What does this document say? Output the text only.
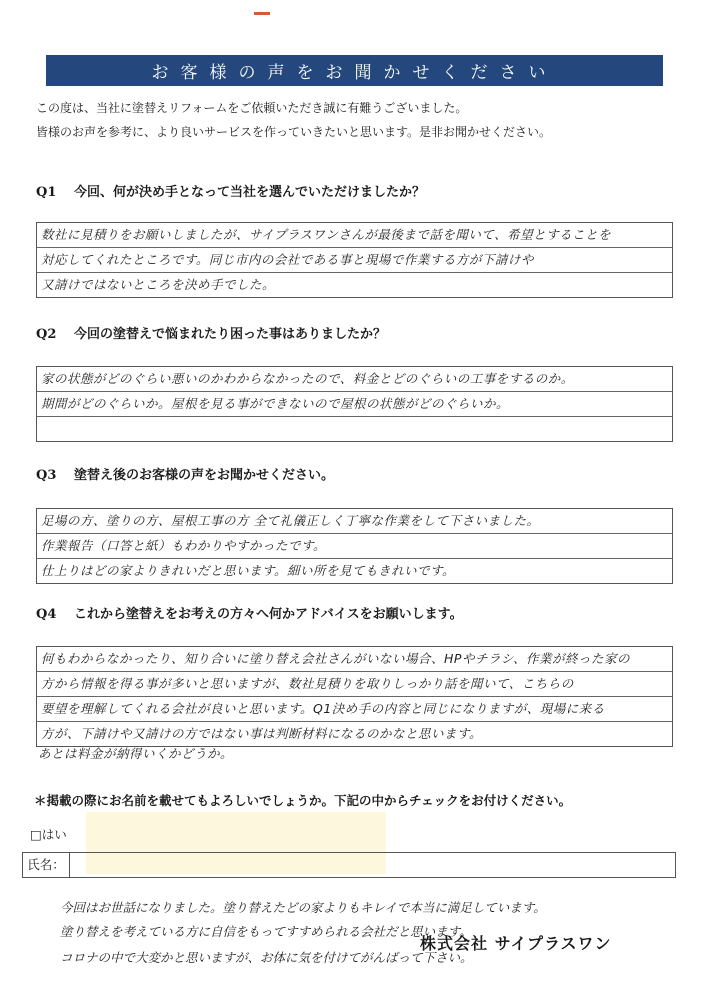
お客様の声をお聞かせください
この度は、当社に塗替えリフォームをご依頼いただき誠に有難うございました。
皆様のお声を参考に、より良いサービスを作っていきたいと思います。是非お聞かせください。
Q1 今回、何が決め手となって当社を選んでいただけましたか？
数社に見積りをお願いしましたが、サイプラスワンさんが最後まで話を聞いて、希望とすることを
対応してくれたところです。同じ市内の会社である事と現場で作業する方が下請けや
又請けではないところを決め手でした。
Q2 今回の塗替えで悩まれたり困った事はありましたか？
家の状態がどのぐらい悪いのかわからなかったので、料金とどのぐらいの工事をするのか。
期間がどのぐらいか。屋根を見る事ができないので屋根の状態がどのぐらいか。
Q3 塗替え後のお客様の声をお聞かせください。
足場の方、塗りの方、屋根工事の方 全て礼儀正しく丁寧な作業をして下さいました。
作業報告（口答と紙）もわかりやすかったです。
仕上りはどの家よりきれいだと思います。細い所を見てもきれいです。
Q4 これから塗替えをお考えの方々へ何かアドバイスをお願いします。
何もわからなかったり、知り合いに塗り替え会社さんがいない場合、HPやチラシ、作業が終った家の
方から情報を得る事が多いと思いますが、数社見積りを取りしっかり話を聞いて、こちらの
要望を理解してくれる会社が良いと思います。Q1決め手の内容と同じになりますが、現場に来る
方が、下請けや又請けの方ではない事は判断材料になるのかなと思います。
あとは料金が納得いくかどうか。
＊掲載の際にお名前を載せてもよろしいでしょうか。下記の中からチェックをお付けください。
□はい
氏名：
今回はお世話になりました。塗り替えたどの家よりもキレイで本当に満足しています。
塗り替えを考えている方に自信をもってすすめられる会社だと思います。
コロナの中で大変かと思いますが、お体に気を付けてがんばって下さい。
株式会社 サイプラスワン
